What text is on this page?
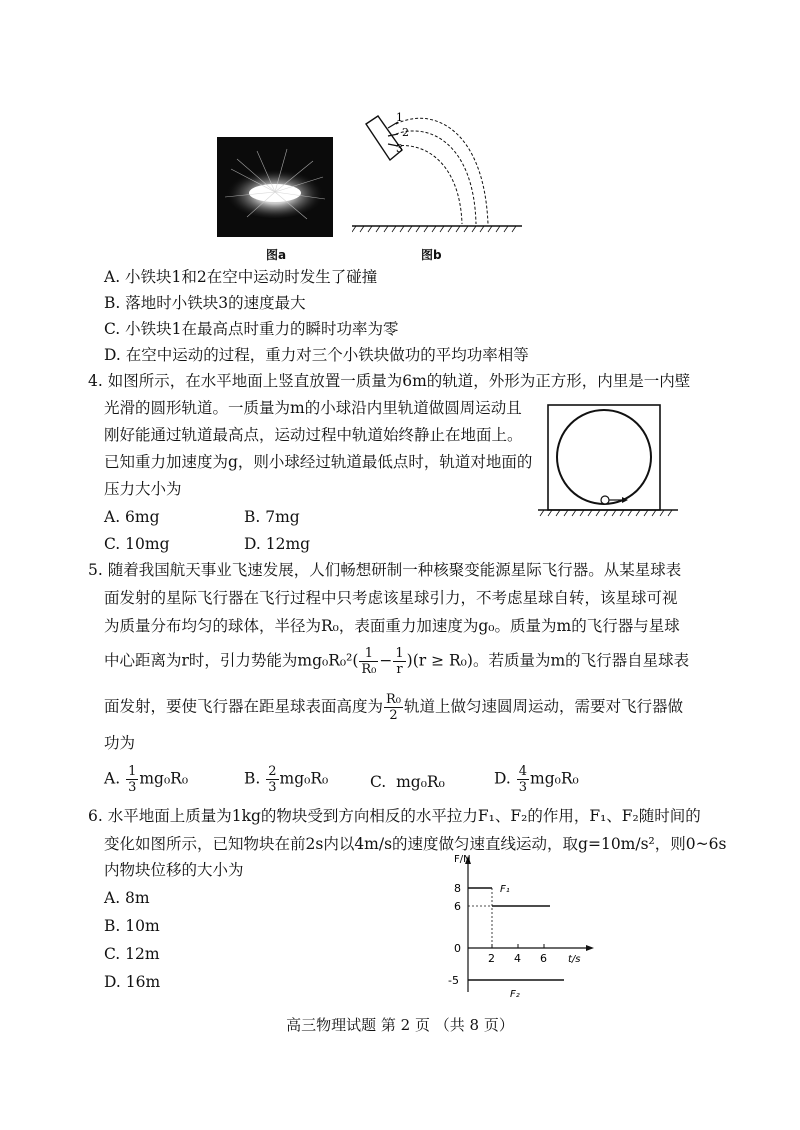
图a
1
2
3
图b
A. 小铁块1和2在空中运动时发生了碰撞
B. 落地时小铁块3的速度最大
C. 小铁块1在最高点时重力的瞬时功率为零
D. 在空中运动的过程，重力对三个小铁块做功的平均功率相等
4. 如图所示，在水平地面上竖直放置一质量为6m的轨道，外形为正方形，内里是一内壁
光滑的圆形轨道。一质量为m的小球沿内里轨道做圆周运动且
刚好能通过轨道最高点，运动过程中轨道始终静止在地面上。
已知重力加速度为g，则小球经过轨道最低点时，轨道对地面的
压力大小为
A. 6mg	B. 7mg
C. 10mg	D. 12mg
5. 随着我国航天事业飞速发展，人们畅想研制一种核聚变能源星际飞行器。从某星球表
面发射的星际飞行器在飞行过程中只考虑该星球引力，不考虑星球自转，该星球可视
为质量分布均匀的球体，半径为R₀，表面重力加速度为g₀。质量为m的飞行器与星球
中心距离为r时，引力势能为$mg_0R_0^2( \frac{1}{\text{R₀}} - \frac{1}{r} )(r \ge R_0)$。若质量为m的飞行器自星球表
面发射，要使飞行器在距星球表面高度为 $\frac{\text{R₀}}{2}$ 轨道上做匀速圆周运动，需要对飞行器做
功为
A. $\frac{1}{3} mg_0R_0$	B. $\frac{2}{3} mg_0R_0$	C. mg₀R₀	D. $\frac{4}{3} mg_0R_0$
6. 水平地面上质量为1kg的物块受到方向相反的水平拉力F₁、F₂的作用，F₁、F₂随时间的
变化如图所示，已知物块在前2s内以4m/s的速度做匀速直线运动，取g=10m/s²，则0~6s
内物块位移的大小为
A. 8m
B. 10m
C. 12m
D. 16m
F/N
t/s
8
6
0
-5
2 4 6
F₁
F₂
高三物理试题 第 2 页 （共 8 页）
